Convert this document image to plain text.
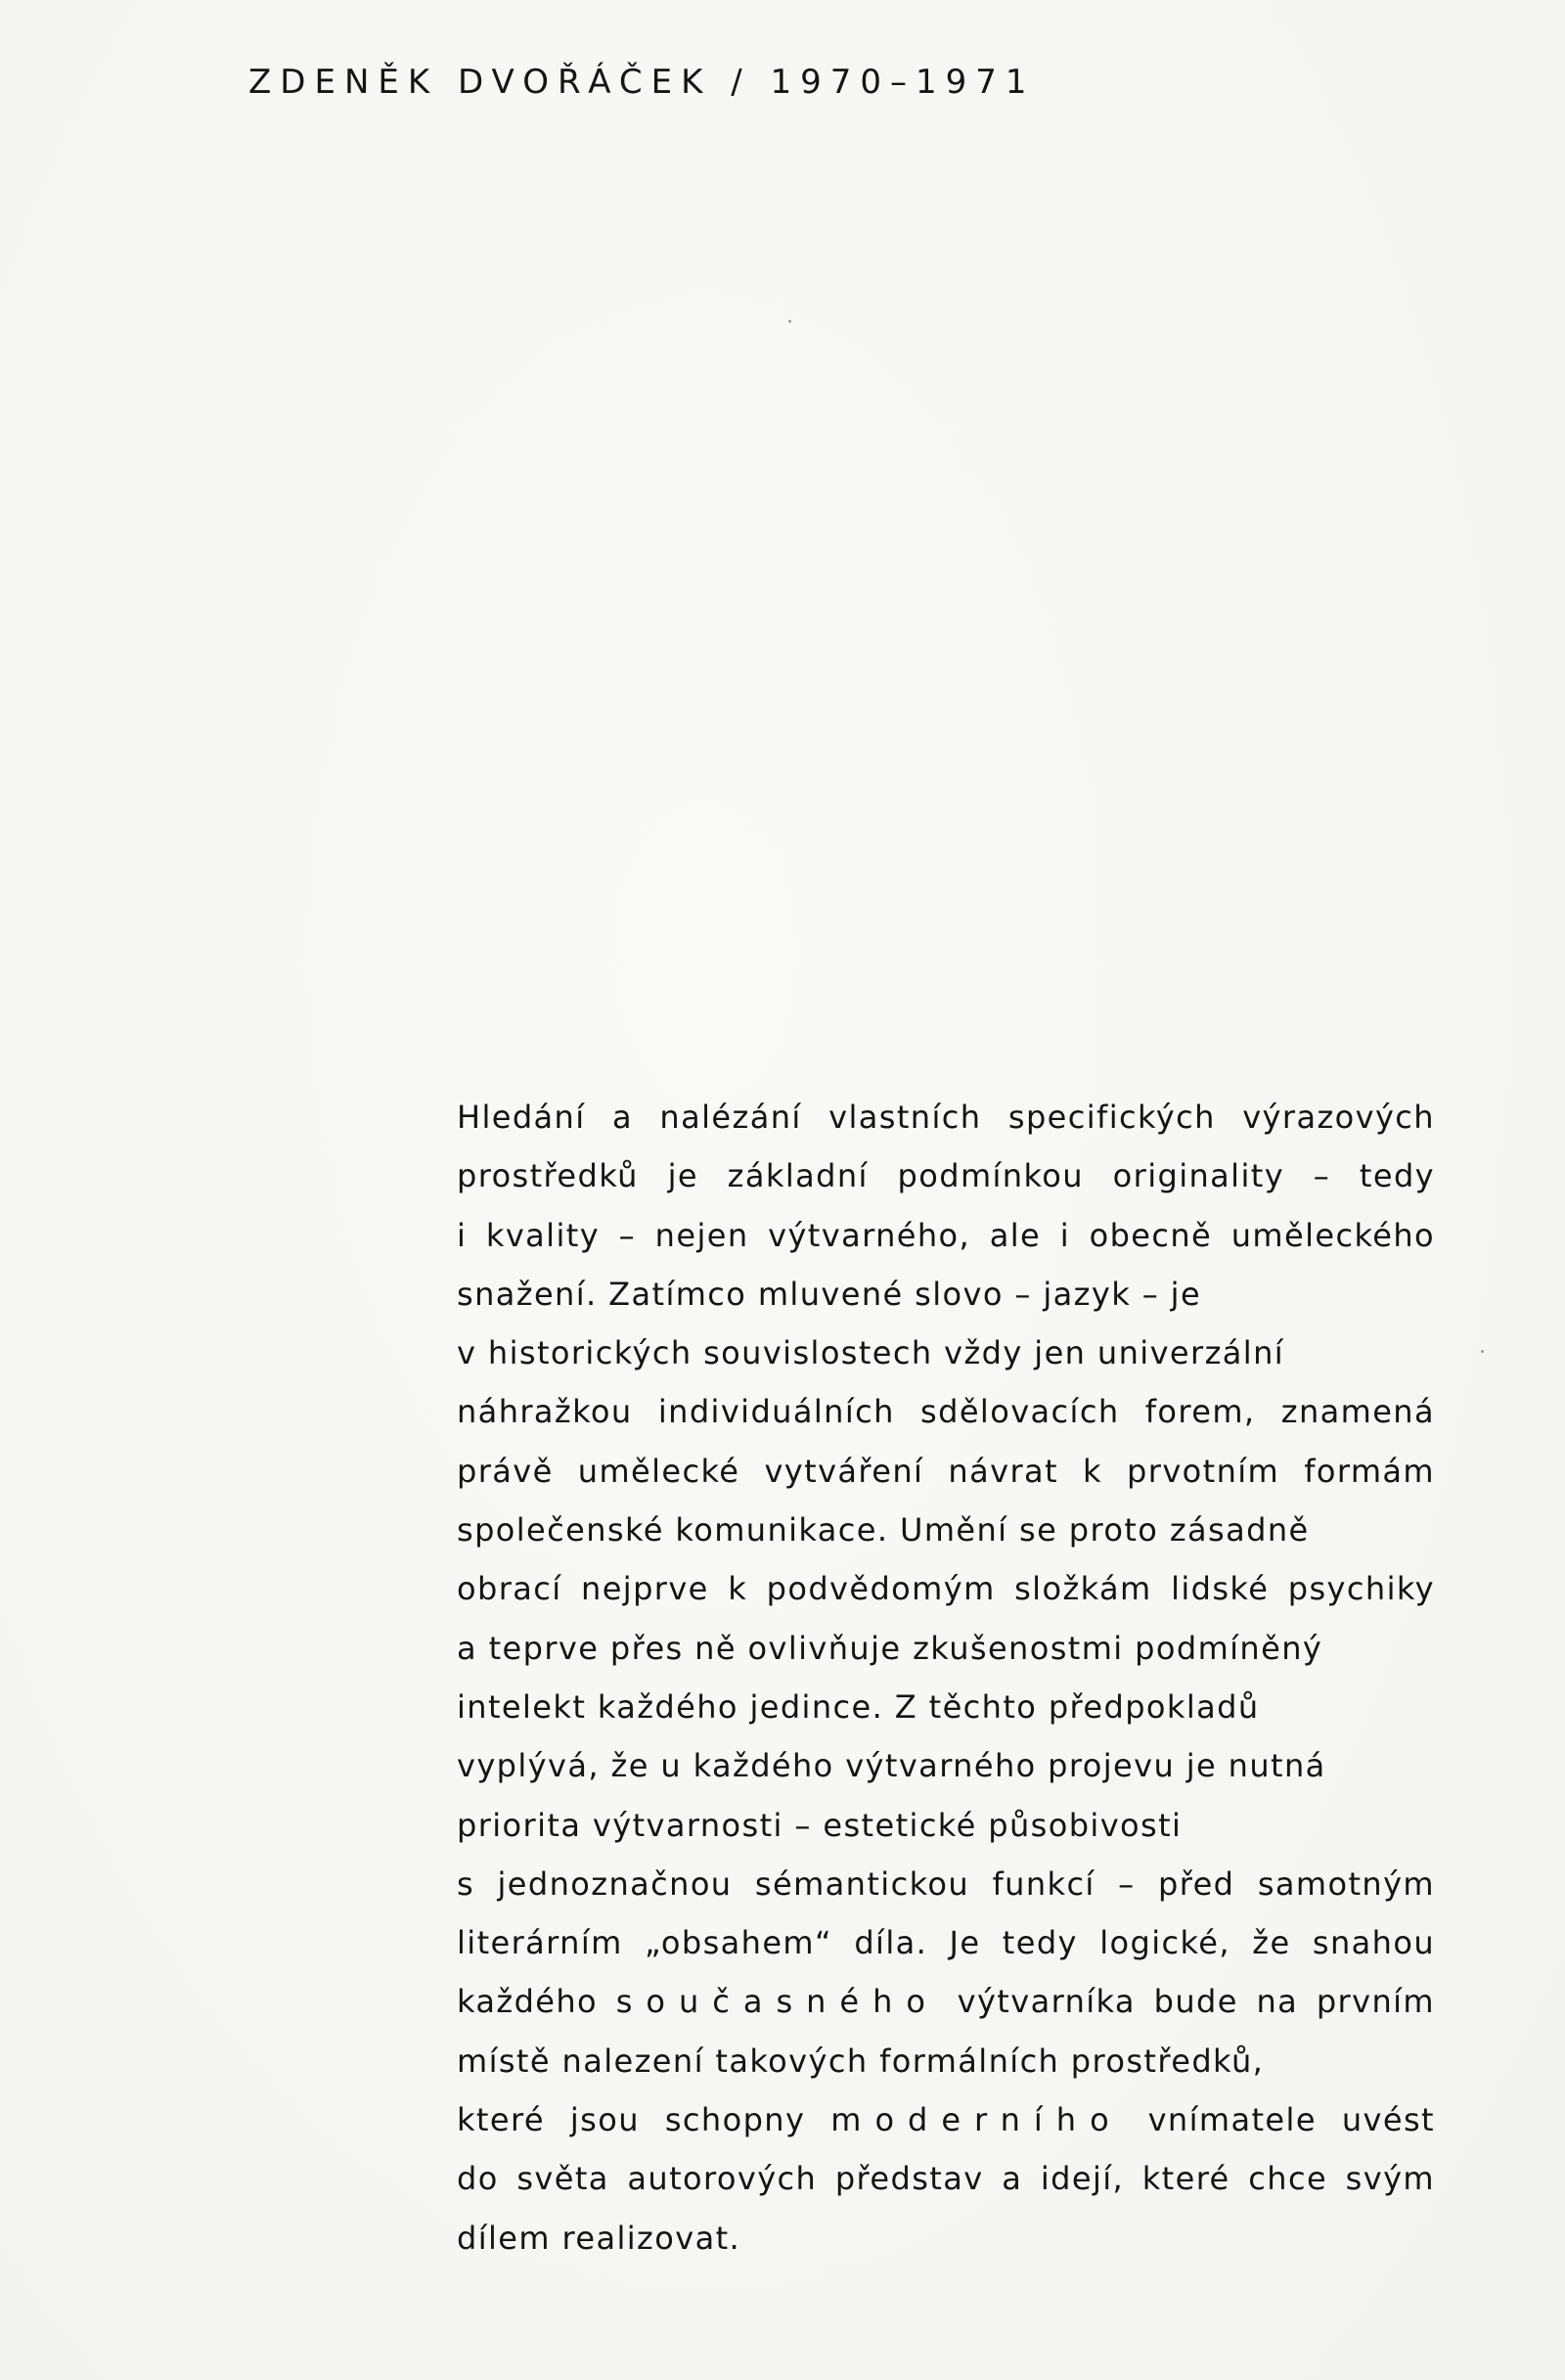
ZDENĚK DVOŘÁČEK / 1970–1971
Hledání a nalézání vlastních specifických výrazových
prostředků je základní podmínkou originality – tedy
i kvality – nejen výtvarného, ale i obecně uměleckého
snažení. Zatímco mluvené slovo – jazyk – je
v historických souvislostech vždy jen univerzální
náhražkou individuálních sdělovacích forem, znamená
právě umělecké vytváření návrat k prvotním formám
společenské komunikace. Umění se proto zásadně
obrací nejprve k podvědomým složkám lidské psychiky
a teprve přes ně ovlivňuje zkušenostmi podmíněný
intelekt každého jedince. Z těchto předpokladů
vyplývá, že u každého výtvarného projevu je nutná
priorita výtvarnosti – estetické působivosti
s jednoznačnou sémantickou funkcí – před samotným
literárním „obsahem“ díla. Je tedy logické, že snahou
každého současného výtvarníka bude na prvním
místě nalezení takových formálních prostředků,
které jsou schopny moderního vnímatele uvést
do světa autorových představ a idejí, které chce svým
dílem realizovat.
